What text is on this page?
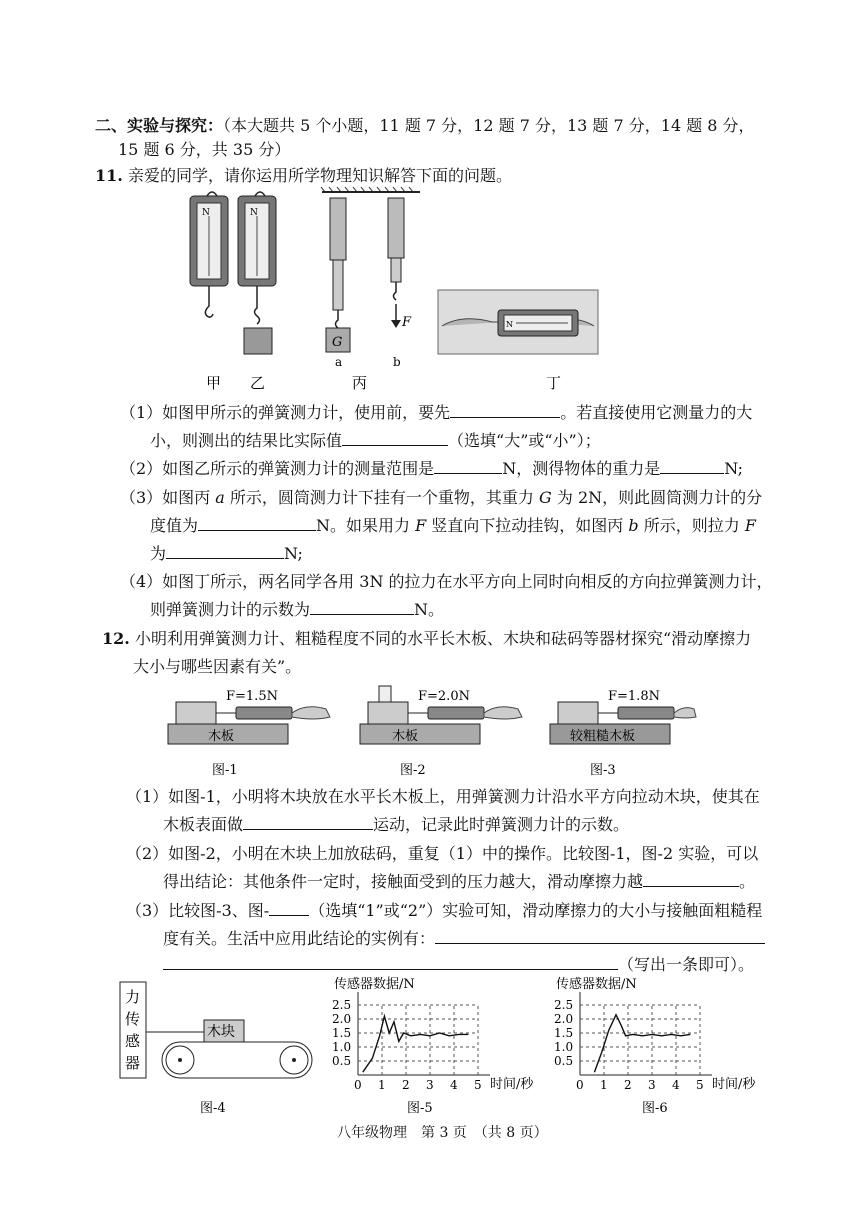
二、实验与探究：（本大题共 5 个小题，11 题 7 分，12 题 7 分，13 题 7 分，14 题 8 分，
15 题 6 分，共 35 分）
11. 亲爱的同学，请你运用所学物理知识解答下面的问题。
N	N
G
a
F
b
N
甲 乙	丙	丁
（1）如图甲所示的弹簧测力计，使用前，要先	。若直接使用它测量力的大
小，则测出的结果比实际值	（选填“大”或“小”）；
（2）如图乙所示的弹簧测力计的测量范围是	N，测得物体的重力是	N;
（3）如图丙 a 所示，圆筒测力计下挂有一个重物，其重力 G 为 2N，则此圆筒测力计的分
度值为	N。如果用力 F 竖直向下拉动挂钩，如图丙 b 所示，则拉力 F
为	N;
（4）如图丁所示，两名同学各用 3N 的拉力在水平方向上同时向相反的方向拉弹簧测力计，
则弹簧测力计的示数为	N。
12. 小明利用弹簧测力计、粗糙程度不同的水平长木板、木块和砝码等器材探究“滑动摩擦力
大小与哪些因素有关”。
F=1.5N
木板
图-1
F=2.0N
木板
图-2
F=1.8N
较粗糙木板
图-3
（1）如图-1，小明将木块放在水平长木板上，用弹簧测力计沿水平方向拉动木块，使其在
木板表面做	运动，记录此时弹簧测力计的示数。
（2）如图-2，小明在木块上加放砝码，重复（1）中的操作。比较图-1，图-2 实验，可以
得出结论：其他条件一定时，接触面受到的压力越大，滑动摩擦力越	。
（3）比较图-3、图-	（选填“1”或“2”）实验可知，滑动摩擦力的大小与接触面粗糙程
度有关。生活中应用此结论的实例有：
（写出一条即可）。
力
传
感
器
木块
图-4
传感器数据/N
时间/秒
图-5
2.5
2.0
1.5
1.0
0.5
0 1 2 3 4 5
传感器数据/N
时间/秒
图-6
2.5
2.0
1.5
1.0
0.5
0 1 2 3 4 5
八年级物理　第 3 页　（共 8 页）
